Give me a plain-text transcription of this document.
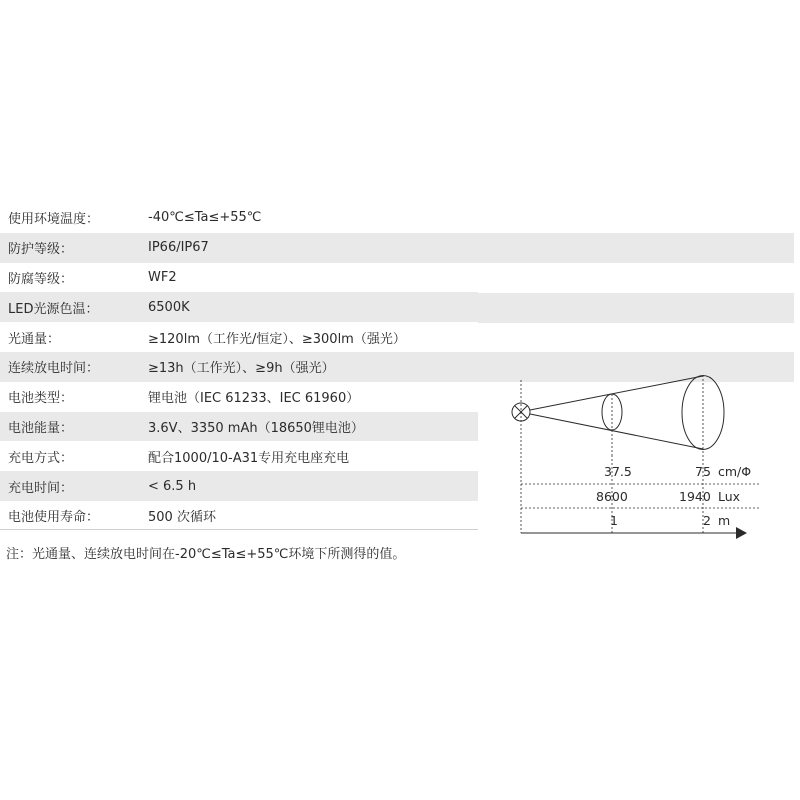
使用环境温度：	-40℃≤Ta≤+55℃
防护等级：	IP66/IP67
防腐等级：	WF2
LED光源色温：	6500K
光通量：	≥120lm（工作光/恒定）、≥300lm（强光）
连续放电时间：	≥13h（工作光）、≥9h（强光）
电池类型：	锂电池（IEC 61233、IEC 61960）
电池能量：	3.6V、3350 mAh（18650锂电池）
充电方式：	配合1000/10-A31专用充电座充电
充电时间：	< 6.5 h
电池使用寿命：	500 次循环
注：光通量、连续放电时间在-20℃≤Ta≤+55℃环境下所测得的值。
37.5	75 cm/Φ
8600	1940 Lux
1	2 m
